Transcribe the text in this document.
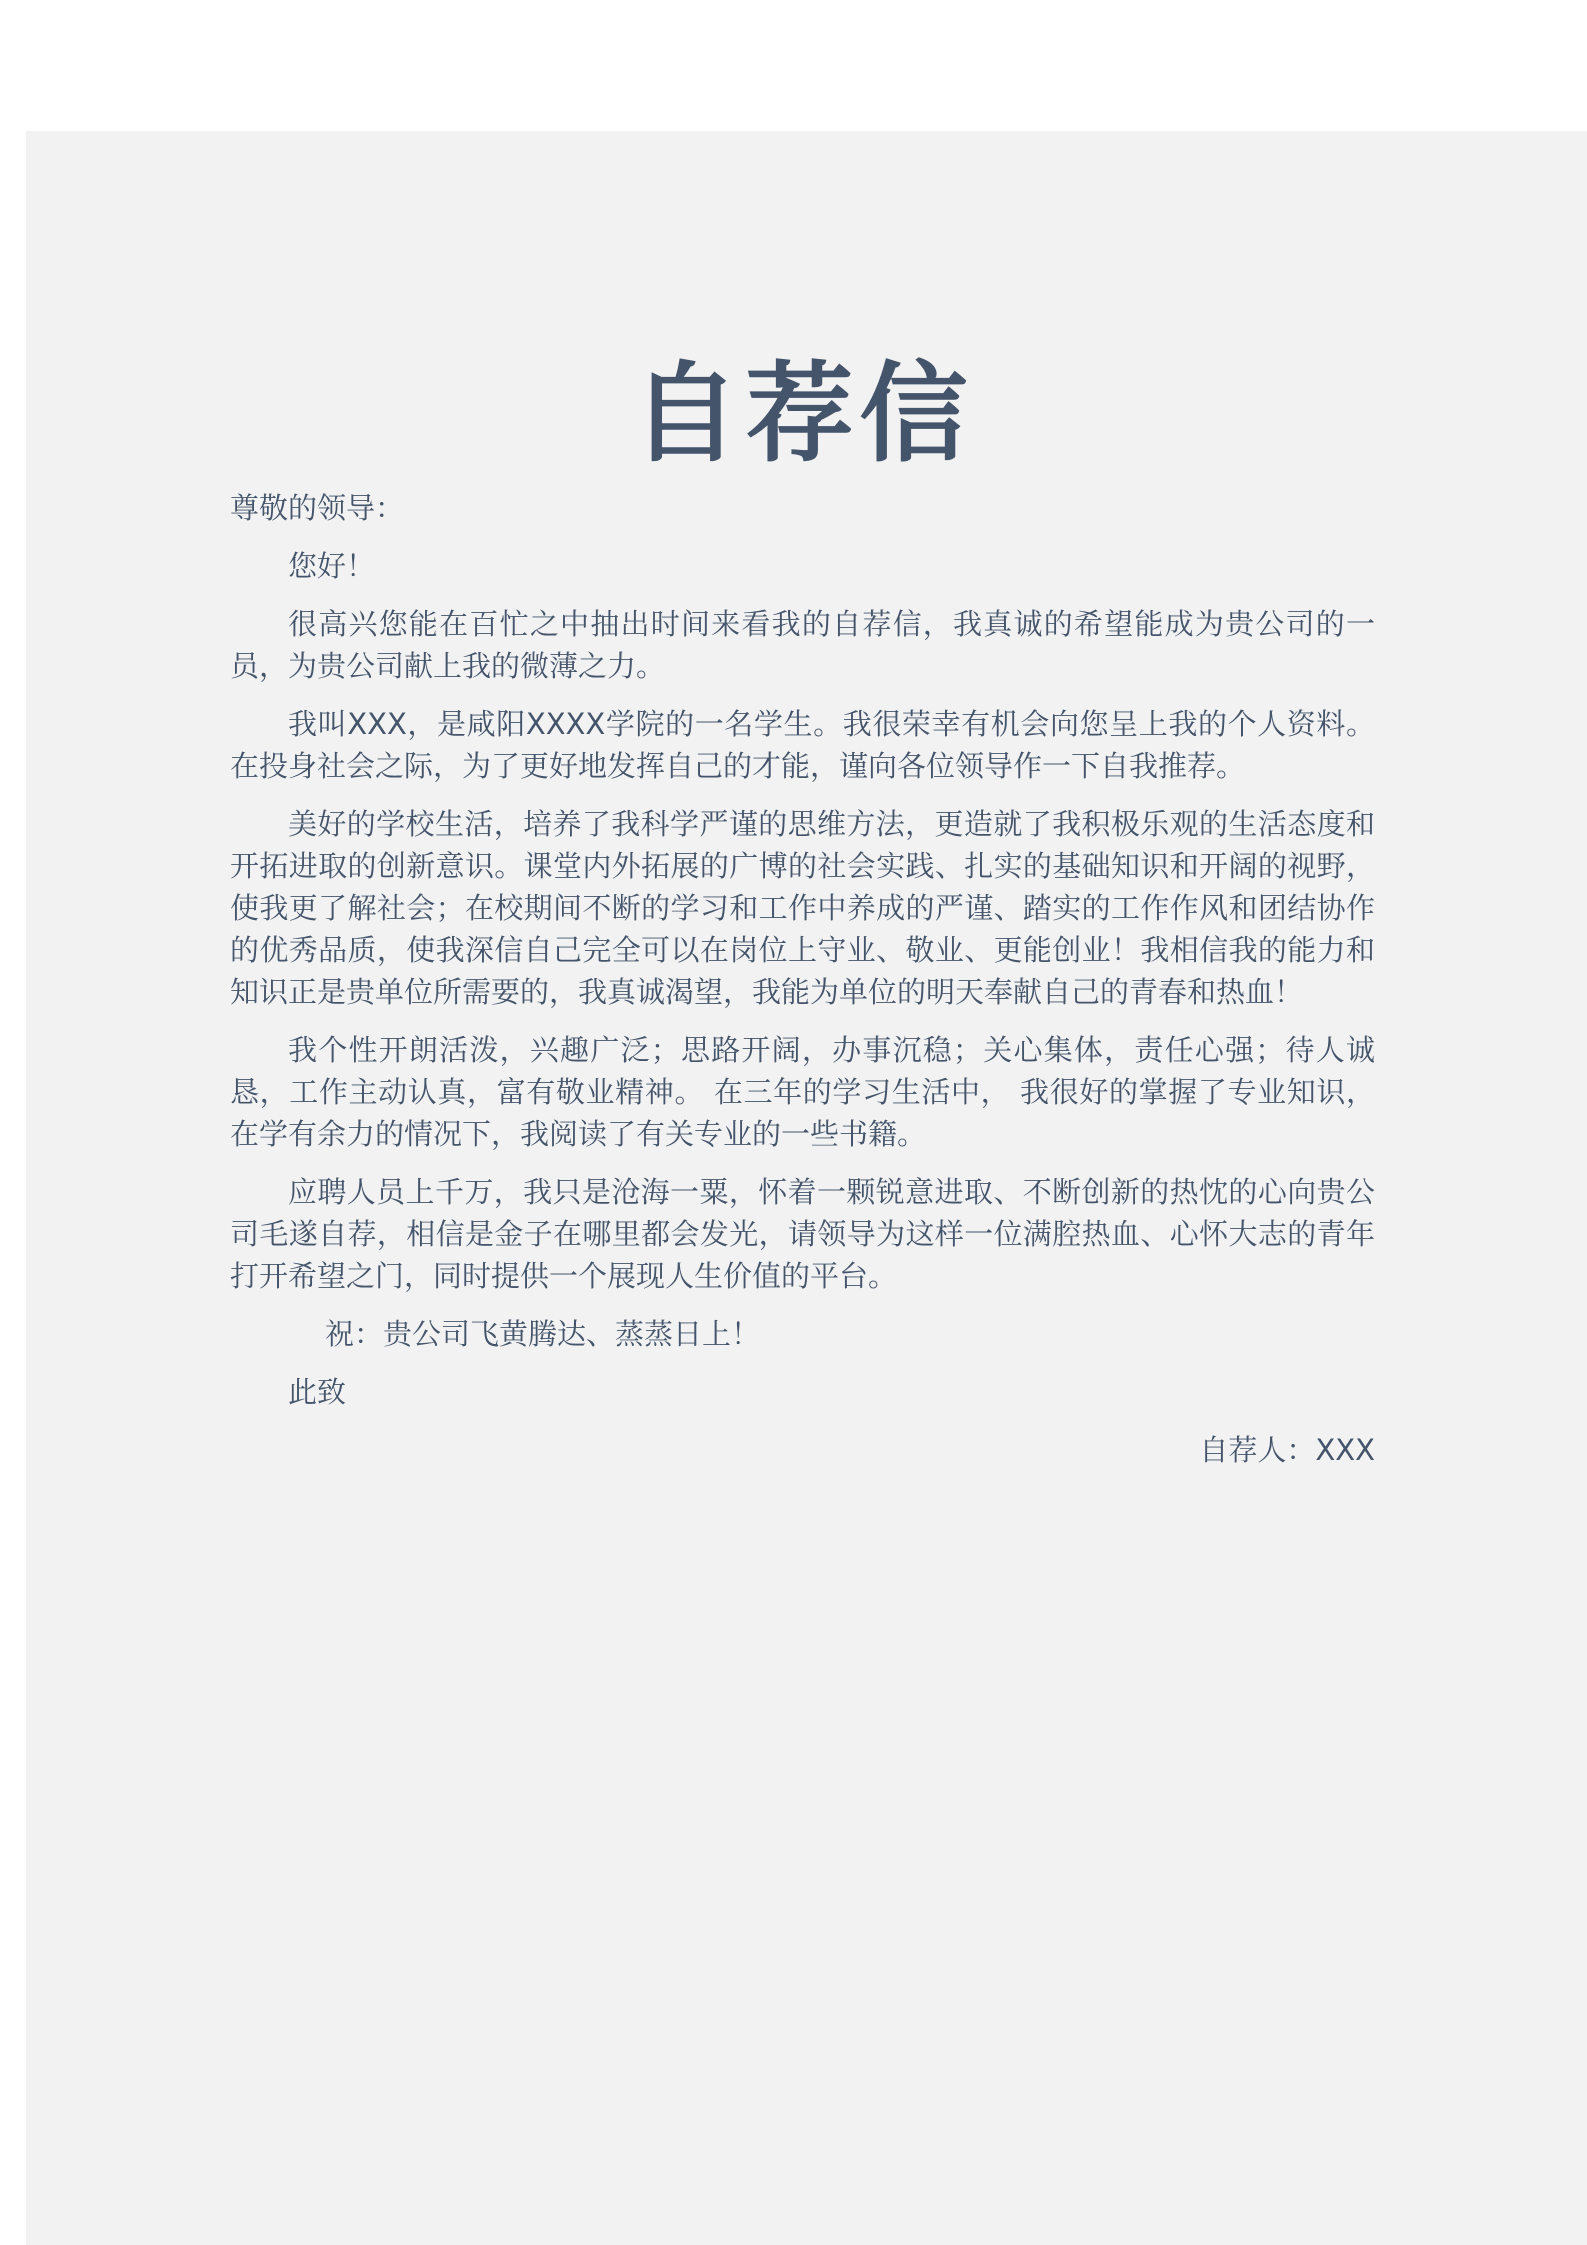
自荐信

尊敬的领导：

您好！

很高兴您能在百忙之中抽出时间来看我的自荐信，我真诚的希望能成为贵公司的一员，为贵公司献上我的微薄之力。

我叫XXX，是咸阳XXXX学院的一名学生。我很荣幸有机会向您呈上我的个人资料。在投身社会之际，为了更好地发挥自己的才能，谨向各位领导作一下自我推荐。

美好的学校生活，培养了我科学严谨的思维方法，更造就了我积极乐观的生活态度和开拓进取的创新意识。课堂内外拓展的广博的社会实践、扎实的基础知识和开阔的视野，使我更了解社会；在校期间不断的学习和工作中养成的严谨、踏实的工作作风和团结协作的优秀品质，使我深信自己完全可以在岗位上守业、敬业、更能创业！我相信我的能力和知识正是贵单位所需要的，我真诚渴望，我能为单位的明天奉献自己的青春和热血！

我个性开朗活泼，兴趣广泛；思路开阔，办事沉稳；关心集体，责任心强；待人诚恳，工作主动认真，富有敬业精神。 在三年的学习生活中， 我很好的掌握了专业知识，在学有余力的情况下，我阅读了有关专业的一些书籍。

应聘人员上千万，我只是沧海一粟，怀着一颗锐意进取、不断创新的热忱的心向贵公司毛遂自荐，相信是金子在哪里都会发光，请领导为这样一位满腔热血、心怀大志的青年打开希望之门，同时提供一个展现人生价值的平台。

祝：贵公司飞黄腾达、蒸蒸日上！

此致

自荐人：XXX
